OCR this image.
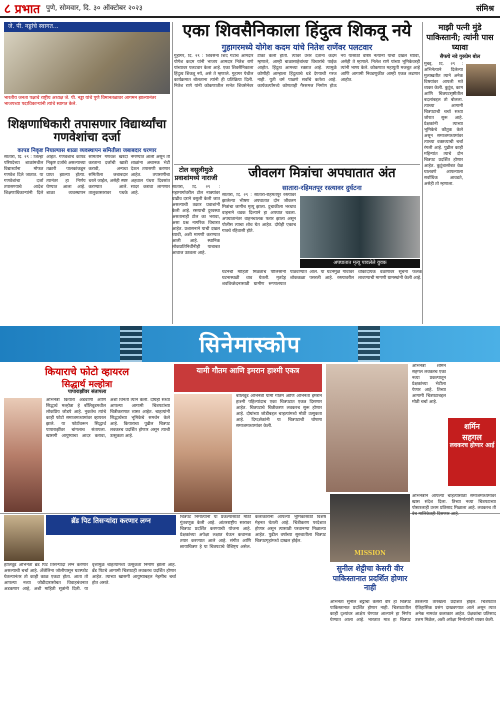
८ प्रभात पुणे, सोमवार, दि. ३० ऑक्टोबर २०२३	संमिश्र
जे. पी. नड्डांचे स्वागत...
भारतीय जनता पक्षाचे राष्ट्रीय अध्यक्ष जे. पी. नड्डा यांचे पुणे विमानतळावर आगमन झाल्यानंतर भाजपच्या पदाधिकाऱ्यांनी त्यांचे स्वागत केले.
एका शिवसैनिकाला हिंदुत्व शिकवू नये
गुहागरमध्ये योगेश कदम यांचे नितेश राणेंवर पलटवार
गुहागर, दि. २९ : शिवसेना शिंदे गटाचे आमदार योगेश कदम यांनी भाजप आमदार नितेश राणे यांच्यावर पलटवार केला आहे. एका शिवसैनिकाला हिंदुत्व शिकवू नये, असे ते म्हणाले. गुहागर येथील कार्यक्रमात बोलताना त्यांनी ही प्रतिक्रिया दिली. नितेश राणे यांनी कोकणातील सभेत शिवसेनेवर टीका केली होती. त्यावर उत्तर देताना कदम म्हणाले, आम्ही बाळासाहेबांच्या विचारांचे पाईक आहोत. हिंदुत्व आमच्या रक्तात आहे. त्यामुळे कोणीही आम्हाला हिंदुत्वाचे धडे देण्याची गरज नाही. युती धर्म पाळणे सर्वांचे कर्तव्य आहे. कार्यकर्त्यांमध्ये कोणताही गैरसमज निर्माण होऊ नये यासाठी वरिष्ठ नेत्यांनी याची दखल घ्यावी, असेही ते म्हणाले. निलेश राणे यांच्या भूमिकेवरही त्यांनी भाष्य केले. कोकणात महायुती मजबूत आहे आणि आगामी निवडणुकीत आम्ही एकत्र लढणार आहोत.
माझी पत्नी मुंडे पाकिस्तानी; त्यांनी पास घ्यावा
सैफचे नवे गुरुप्रेम बोल
मुंबई, दि. २९ : अभिनेत्याने दिलेल्या मुलाखतीत त्याने अनेक विषयांवर आपली मते व्यक्त केली. कुटुंब, काम आणि चित्रपटसृष्टीतील बदलांबद्दल तो बोलला. त्याच्या आगामी चित्रपटाची चर्चा सध्या जोरात सुरू आहे. प्रेक्षकांनी त्याच्या भूमिकेचे कौतुक केले असून समाजमाध्यमांवर त्याच्या वक्तव्याची चर्चा रंगली आहे. पुढील काही महिन्यांत त्याचे दोन चित्रपट प्रदर्शित होणार आहेत. कुटुंबासोबत वेळ घालवणे आपल्याला सर्वाधिक आवडते, असेही तो म्हणाला.
शिक्षणाधिकारी तपासणार विद्यार्थ्यांचा गणवेशांचा दर्जा
कापड निकृष्ट निघाल्यास शाळा व्यवस्थापन समितीला जबाबदार धरणार
सातारा, दि. २९ : जिल्हा परिषदेच्या शाळांमधील विद्यार्थ्यांना मोफत गणवेश दिले जातात. या गणवेशांचा दर्जा तपासण्याचे आदेश शिक्षणाधिकाऱ्यांनी दिले आहेत. गणवेशाचे कापड निकृष्ट दर्जाचे असल्याच्या तक्रारी पालकांकडून प्राप्त झाल्या होत्या. त्यानंतर हा निर्णय घेण्यात आला आहे. शाळा व्यवस्थापन समितीने गणवेश खरेदी करताना दर्जाची खात्री करावी, अन्यथा समितीला जबाबदार धरले जाईल, असेही स्पष्ट करण्यात आले. तालुकास्तरावर पथके नेमण्यात आली असून ती शाळांना अचानक भेटी देऊन तपासणी करणार आहेत. तपासणीचा अहवाल पंधरा दिवसांत सादर करावा लागणार आहे.
टोल वसुलीमुळे प्रवाशांमध्ये नाराजी
सातारा, दि. २९ : महामार्गावरील टोल नाक्यांवर वाढीव दराने वसुली केली जात असल्याची तक्रार प्रवाशांनी केली आहे. रस्त्याची दुरवस्था असतानाही टोल का भरावा, असा प्रश्न नागरिक विचारत आहेत. प्रशासनाने याची दखल घ्यावी, अशी मागणी करण्यात आली आहे. स्थानिक लोकप्रतिनिधींनीही याबाबत आवाज उठवला आहे.
जीवलग मित्रांचा अपघातात अंत
सातारा-रहिमतपूर रस्त्यावर दुर्घटना
सातारा, दि. २९ : सातारा-रहिमतपूर रस्त्यावर झालेल्या भीषण अपघातात दोन जीवलग मित्रांचा जागीच मृत्यू झाला. दुचाकीला भरधाव वाहनाने धडक दिल्याने हा अपघात घडला. अपघातानंतर वाहनचालक फरार झाला असून पोलीस त्याचा शोध घेत आहेत. दोघेही एकाच गावचे रहिवासी होते.
अपघातात मृत्यू पावलेले युवक
घटनेची माहिती मिळताच पोलिसांनी घटनास्थळी धाव घेतली. मृतदेह शवविच्छेदनासाठी ग्रामीण रुग्णालयात पाठवण्यात आले. या घटनेमुळे गावावर शोककळा पसरली आहे. रस्त्यावरील धोकादायक वळणांवर सूचना फलक लावण्याची मागणी ग्रामस्थांनी केली आहे.
सिनेमास्कोप
कियाराचे फोटो व्हायरल
सिद्धार्थ मल्होत्रा
पापाराझींवर संतापला
अभिनेत्री कियारा अडवाणी आणि सिद्धार्थ मल्होत्रा हे बॉलिवूडमधील लोकप्रिय जोडपे आहे. नुकतेच त्यांचे काही फोटो समाजमाध्यमांवर व्हायरल झाले. या फोटोंवरून सिद्धार्थ पापाराझींवर चांगलाच संतापला. खासगी आयुष्याचा आदर करावा, अशी विनंती त्याने केली. दोघेही सध्या आपल्या आगामी चित्रपटांच्या चित्रीकरणात व्यस्त आहेत. चाहत्यांनी सिद्धार्थच्या भूमिकेचे समर्थन केले आहे. कियाराचा पुढील चित्रपट लवकरच प्रदर्शित होणार असून त्याची उत्सुकता आहे.
यामी गौतम आणि इमरान हाश्मी एकत्र
बॉलिवूड अभिनेत्री यामी गौतम आणि अभिनेता इमरान हाश्मी पहिल्यांदाच एका चित्रपटात एकत्र दिसणार आहेत. चित्रपटाचे चित्रीकरण लवकरच सुरू होणार आहे. दोघांच्या जोडीबद्दल चाहत्यांमध्ये मोठी उत्सुकता आहे. दिग्दर्शकांनी या चित्रपटाची घोषणा समाजमाध्यमांवर केली.
अभिनेत्री शर्मिन सहगल लवकरच एका नव्या प्रकल्पातून प्रेक्षकांच्या भेटीला येणार आहे. तिच्या आगामी चित्रपटाबद्दल मोठी चर्चा आहे.
शर्मिन
सहगल
लवकरच होणार आई
ब्रॅड पिट तिसऱ्यांदा करणार लग्न
हॉलिवूड अभिनेता ब्रॅड पिट तिसऱ्यांदा लग्न करणार असल्याची चर्चा आहे. अँजेलिना जोलीपासून घटस्फोट घेतल्यानंतर तो काही काळ एकटा होता. आता तो आपल्या नव्या जोडीदारासोबत विवाहबंधनात अडकणार आहे, अशी माहिती सूत्रांनी दिली. या वृत्तामुळे चाहत्यांमध्ये उत्सुकता निर्माण झाली आहे. ब्रॅड पिटचे आगामी चित्रपटही लवकरच प्रदर्शित होणार आहेत. त्याच्या खासगी आयुष्याबद्दल नेहमीच चर्चा होत असते.
चित्रपट निर्मात्यांनी या प्रकल्पासाठी मोठी गुंतवणूक केली आहे. आंतरराष्ट्रीय स्तरावर चित्रपट प्रदर्शित करण्याची योजना आहे. प्रेक्षकांच्या अपेक्षा लक्षात घेऊन कथानक तयार करण्यात आले आहे. संगीत आणि छायाचित्रण हे या चित्रपटाचे वैशिष्ट्य असेल. कलाकारांनी आपल्या भूमिकांसाठी विशेष मेहनत घेतली आहे. चित्रीकरण परदेशात होणार असून त्यासाठी परवानग्या मिळाल्या आहेत. पुढील वर्षाच्या सुरुवातीला चित्रपट चित्रपटगृहांमध्ये दाखल होईल.
MISSION
सुनील शेट्टीचा केसरी वीर पाकिस्तानात प्रदर्शित होणार नाही
अभिनेता सुनील शेट्टीचा केसरी वीर हा चित्रपट पाकिस्तानात प्रदर्शित होणार नाही. चित्रपटातील काही दृश्यांवर आक्षेप घेण्यात आल्याने हा निर्णय घेण्यात आला आहे. भारतात मात्र हा चित्रपट ठरलेल्या तारखेला प्रदर्शित होईल. चित्रपटात ऐतिहासिक प्रसंग दाखवण्यात आले असून त्यात अनेक नामवंत कलाकार आहेत. प्रेक्षकांचा प्रतिसाद उत्तम मिळेल, अशी अपेक्षा निर्मात्यांनी व्यक्त केली.
अभिनेत्रीने आपल्या चाहत्यांसाठी समाजमाध्यमांवर खास संदेश दिला. तिच्या नव्या चित्रपटाच्या पोस्टरलाही उत्तम प्रतिसाद मिळाला आहे. लवकरच ती वेब मालिकेतही दिसणार आहे.
